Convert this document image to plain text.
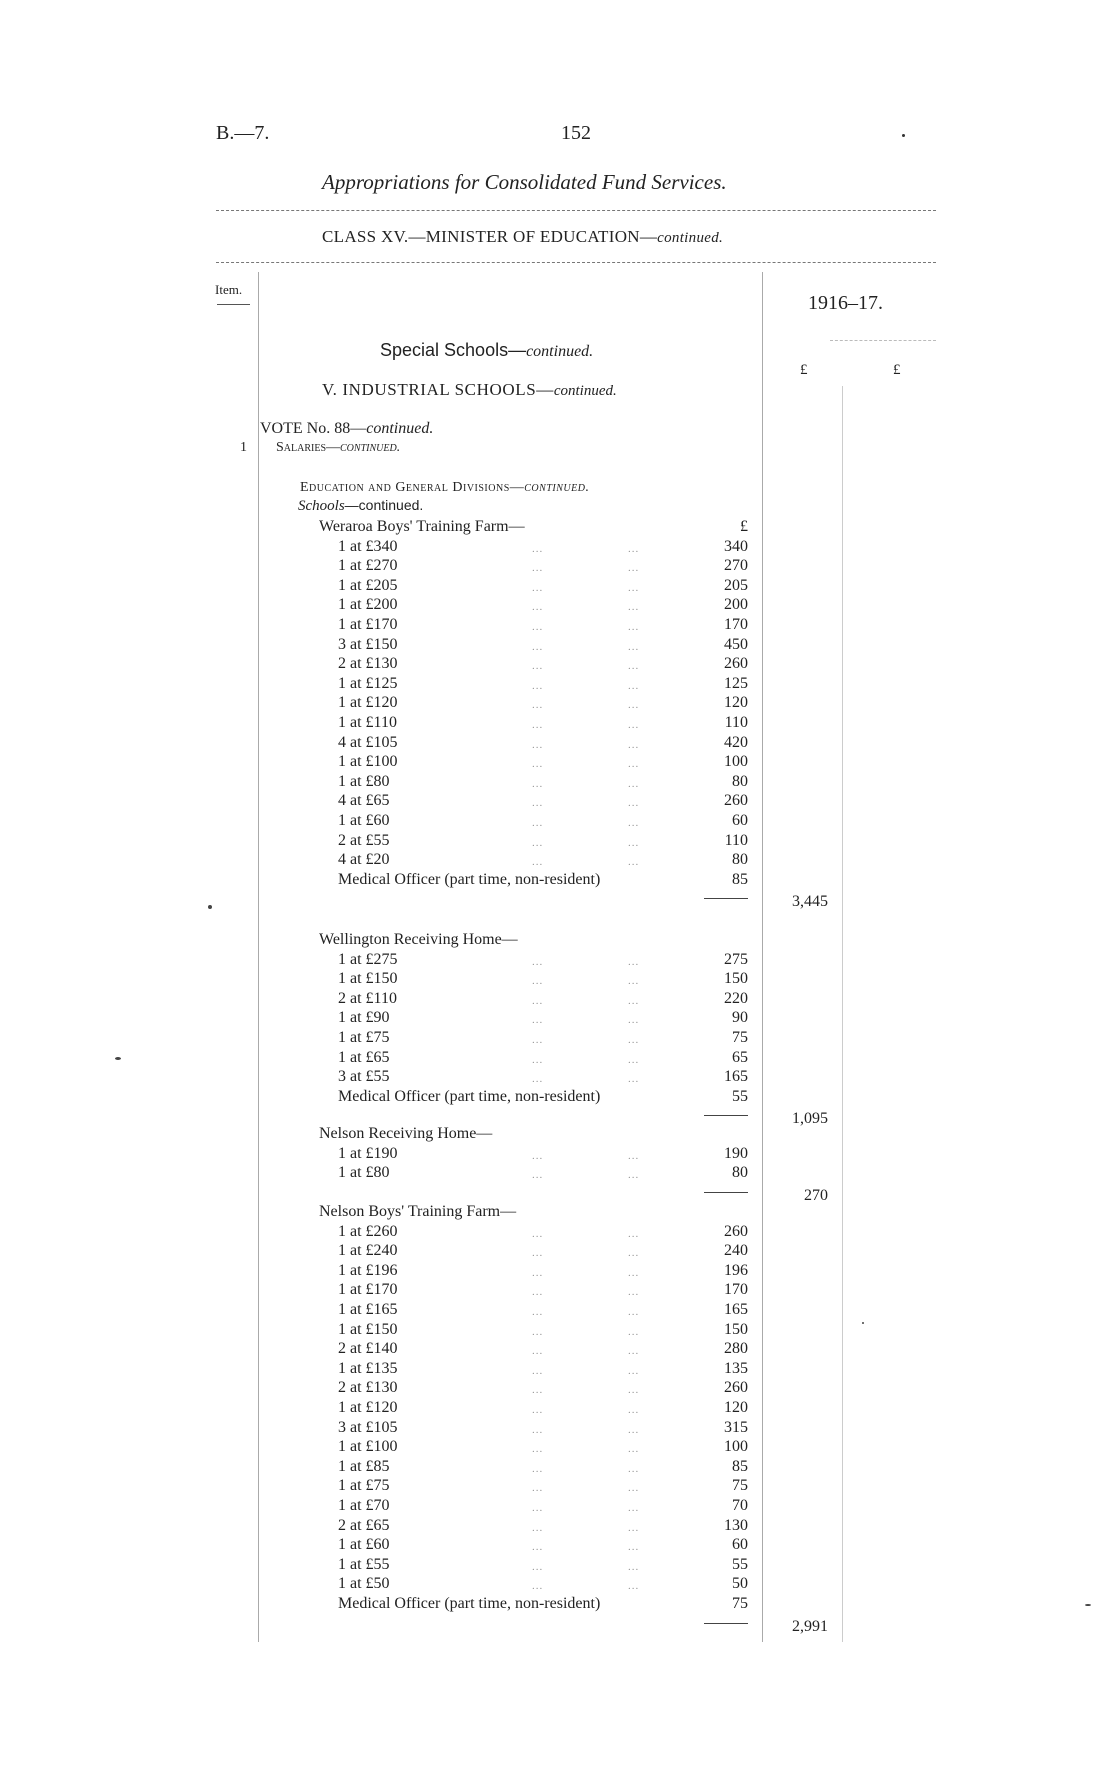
B.—7.	152
Appropriations for Consolidated Fund Services.
CLASS XV.—MINISTER OF EDUCATION—continued.
Item.
1916–17.
£	£
Special Schools—continued.
V. INDUSTRIAL SCHOOLS—continued.
VOTE No. 88—continued.
1 Salaries—continued.
Education and General Divisions—continued.
Schools—continued.
Weraroa Boys' Training Farm—	£
1 at £340	...	...	340
1 at £270	...	...	270
1 at £205	...	...	205
1 at £200	...	...	200
1 at £170	...	...	170
3 at £150	...	...	450
2 at £130	...	...	260
1 at £125	...	...	125
1 at £120	...	...	120
1 at £110	...	...	110
4 at £105	...	...	420
1 at £100	...	...	100
1 at £80	...	...	80
4 at £65	...	...	260
1 at £60	...	...	60
2 at £55	...	...	110
4 at £20	...	...	80
Medical Officer (part time, non-resident)	85
3,445
Wellington Receiving Home—
1 at £275	...	...	275
1 at £150	...	...	150
2 at £110	...	...	220
1 at £90	...	...	90
1 at £75	...	...	75
1 at £65	...	...	65
3 at £55	...	...	165
Medical Officer (part time, non-resident)	55
1,095
Nelson Receiving Home—
1 at £190	...	...	190
1 at £80	...	...	80
270
Nelson Boys' Training Farm—
1 at £260	...	...	260
1 at £240	...	...	240
1 at £196	...	...	196
1 at £170	...	...	170
1 at £165	...	...	165
1 at £150	...	...	150
2 at £140	...	...	280
1 at £135	...	...	135
2 at £130	...	...	260
1 at £120	...	...	120
3 at £105	...	...	315
1 at £100	...	...	100
1 at £85	...	...	85
1 at £75	...	...	75
1 at £70	...	...	70
2 at £65	...	...	130
1 at £60	...	...	60
1 at £55	...	...	55
1 at £50	...	...	50
Medical Officer (part time, non-resident)	75
2,991
